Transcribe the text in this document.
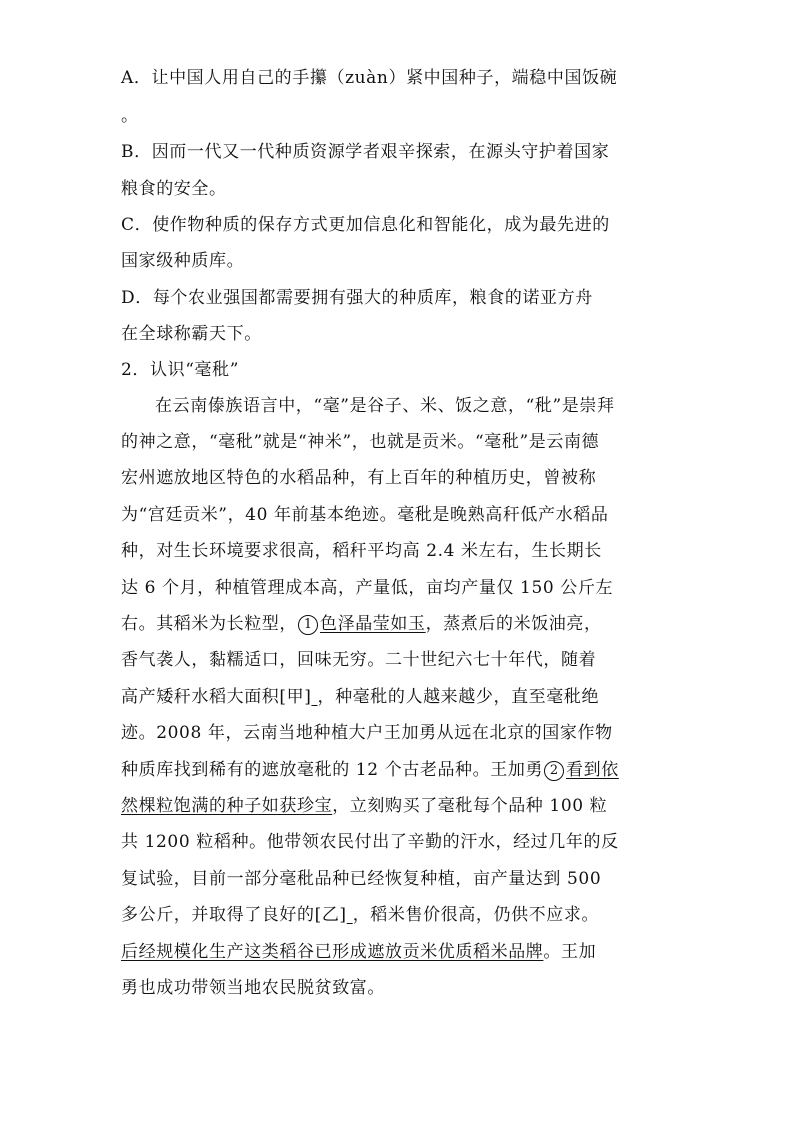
A．让中国人用自己的手攥（zuàn）紧中国种子，端稳中国饭碗
。
B．因而一代又一代种质资源学者艰辛探索，在源头守护着国家
粮食的安全。
C．使作物种质的保存方式更加信息化和智能化，成为最先进的
国家级种质库。
D．每个农业强国都需要拥有强大的种质库，粮食的诺亚方舟
在全球称霸天下。
2．认识“毫秕”
在云南傣族语言中，“毫”是谷子、米、饭之意，“秕”是崇拜
的神之意，“毫秕”就是“神米”，也就是贡米。“毫秕”是云南德
宏州遮放地区特色的水稻品种，有上百年的种植历史，曾被称
为“宫廷贡米”，40 年前基本绝迹。毫秕是晚熟高秆低产水稻品
种，对生长环境要求很高，稻秆平均高 2.4 米左右，生长期长
达 6 个月，种植管理成本高，产量低，亩均产量仅 150 公斤左
右。其稻米为长粒型， 1 色泽晶莹如玉，蒸煮后的米饭油亮，
香气袭人，黏糯适口，回味无穷。二十世纪六七十年代，随着
高产矮秆水稻大面积[甲] ，种毫秕的人越来越少，直至毫秕绝
迹。2008 年，云南当地种植大户王加勇从远在北京的国家作物
种质库找到稀有的遮放毫秕的 12 个古老品种。王加勇 2 看到依
然棵粒饱满的种子如获珍宝，立刻购买了毫秕每个品种 100 粒
共 1200 粒稻种。他带领农民付出了辛勤的汗水，经过几年的反
复试验，目前一部分毫秕品种已经恢复种植，亩产量达到 500
多公斤，并取得了良好的[乙] ，稻米售价很高，仍供不应求。
后经规模化生产这类稻谷已形成遮放贡米优质稻米品牌。王加
勇也成功带领当地农民脱贫致富。
